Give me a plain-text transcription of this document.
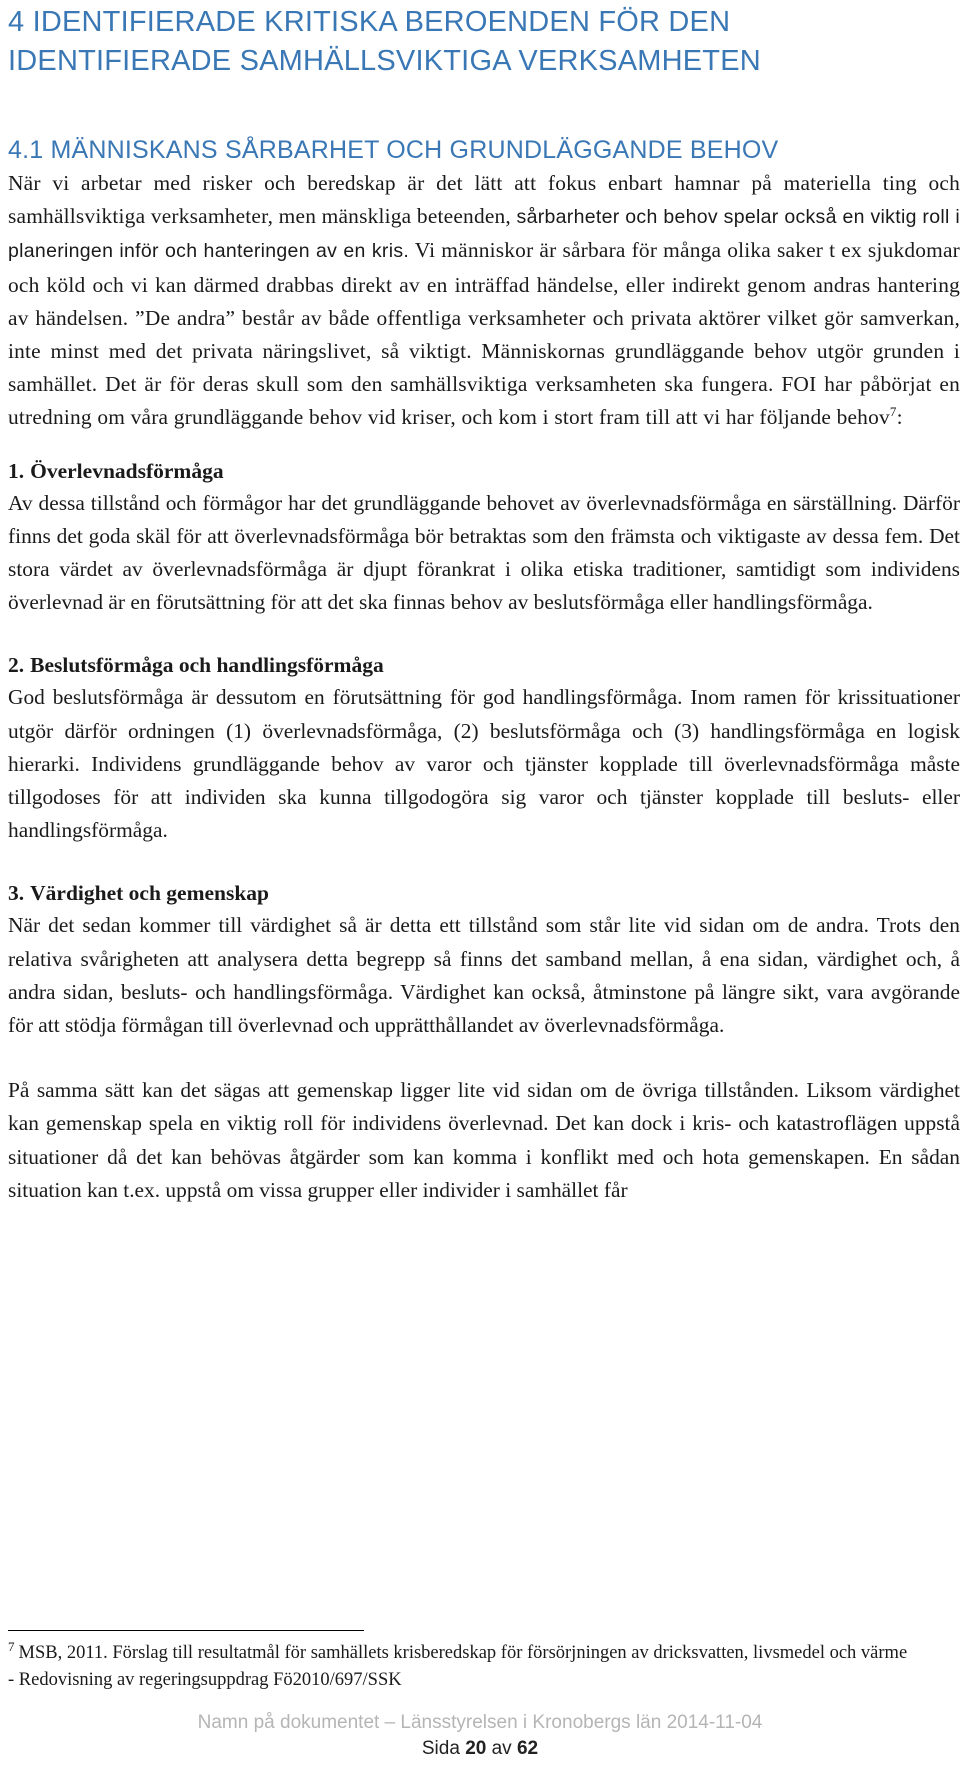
4 IDENTIFIERADE KRITISKA BEROENDEN FÖR DEN
IDENTIFIERADE SAMHÄLLSVIKTIGA VERKSAMHETEN
4.1 MÄNNISKANS SÅRBARHET OCH GRUNDLÄGGANDE BEHOV

När vi arbetar med risker och beredskap är det lätt att fokus enbart hamnar på materiella ting och samhällsviktiga verksamheter, men mänskliga beteenden, sårbarheter och behov spelar också en viktig roll i planeringen inför och hanteringen av en kris. Vi människor är sårbara för många olika saker t ex sjukdomar och köld och vi kan därmed drabbas direkt av en inträffad händelse, eller indirekt genom andras hantering av händelsen. ”De andra” består av både offentliga verksamheter och privata aktörer vilket gör samverkan, inte minst med det privata näringslivet, så viktigt. Människornas grundläggande behov utgör grunden i samhället. Det är för deras skull som den samhällsviktiga verksamheten ska fungera. FOI har påbörjat en utredning om våra grundläggande behov vid kriser, och kom i stort fram till att vi har följande behov$^7$:

1. Överlevnadsförmåga

Av dessa tillstånd och förmågor har det grundläggande behovet av överlevnadsförmåga en särställning. Därför finns det goda skäl för att överlevnadsförmåga bör betraktas som den främsta och viktigaste av dessa fem. Det stora värdet av överlevnadsförmåga är djupt förankrat i olika etiska traditioner, samtidigt som individens överlevnad är en förutsättning för att det ska finnas behov av beslutsförmåga eller handlingsförmåga.

2. Beslutsförmåga och handlingsförmåga

God beslutsförmåga är dessutom en förutsättning för god handlingsförmåga. Inom ramen för krissituationer utgör därför ordningen (1) överlevnadsförmåga, (2) beslutsförmåga och (3) handlingsförmåga en logisk hierarki. Individens grundläggande behov av varor och tjänster kopplade till överlevnadsförmåga måste tillgodoses för att individen ska kunna tillgodogöra sig varor och tjänster kopplade till besluts- eller handlingsförmåga.

3. Värdighet och gemenskap

När det sedan kommer till värdighet så är detta ett tillstånd som står lite vid sidan om de andra. Trots den relativa svårigheten att analysera detta begrepp så finns det samband mellan, å ena sidan, värdighet och, å andra sidan, besluts- och handlingsförmåga. Värdighet kan också, åtminstone på längre sikt, vara avgörande för att stödja förmågan till överlevnad och upprätthållandet av överlevnadsförmåga.

På samma sätt kan det sägas att gemenskap ligger lite vid sidan om de övriga tillstånden. Liksom värdighet kan gemenskap spela en viktig roll för individens överlevnad. Det kan dock i kris- och katastroflägen uppstå situationer då det kan behövas åtgärder som kan komma i konflikt med och hota gemenskapen. En sådan situation kan t.ex. uppstå om vissa grupper eller individer i samhället får

$^7$ MSB, 2011. Förslag till resultatmål för samhällets krisberedskap för försörjningen av dricksvatten, livsmedel och värme - Redovisning av regeringsuppdrag Fö2010/697/SSK

Namn på dokumentet – Länsstyrelsen i Kronobergs län 2014-11-04
Sida 20 av 62
